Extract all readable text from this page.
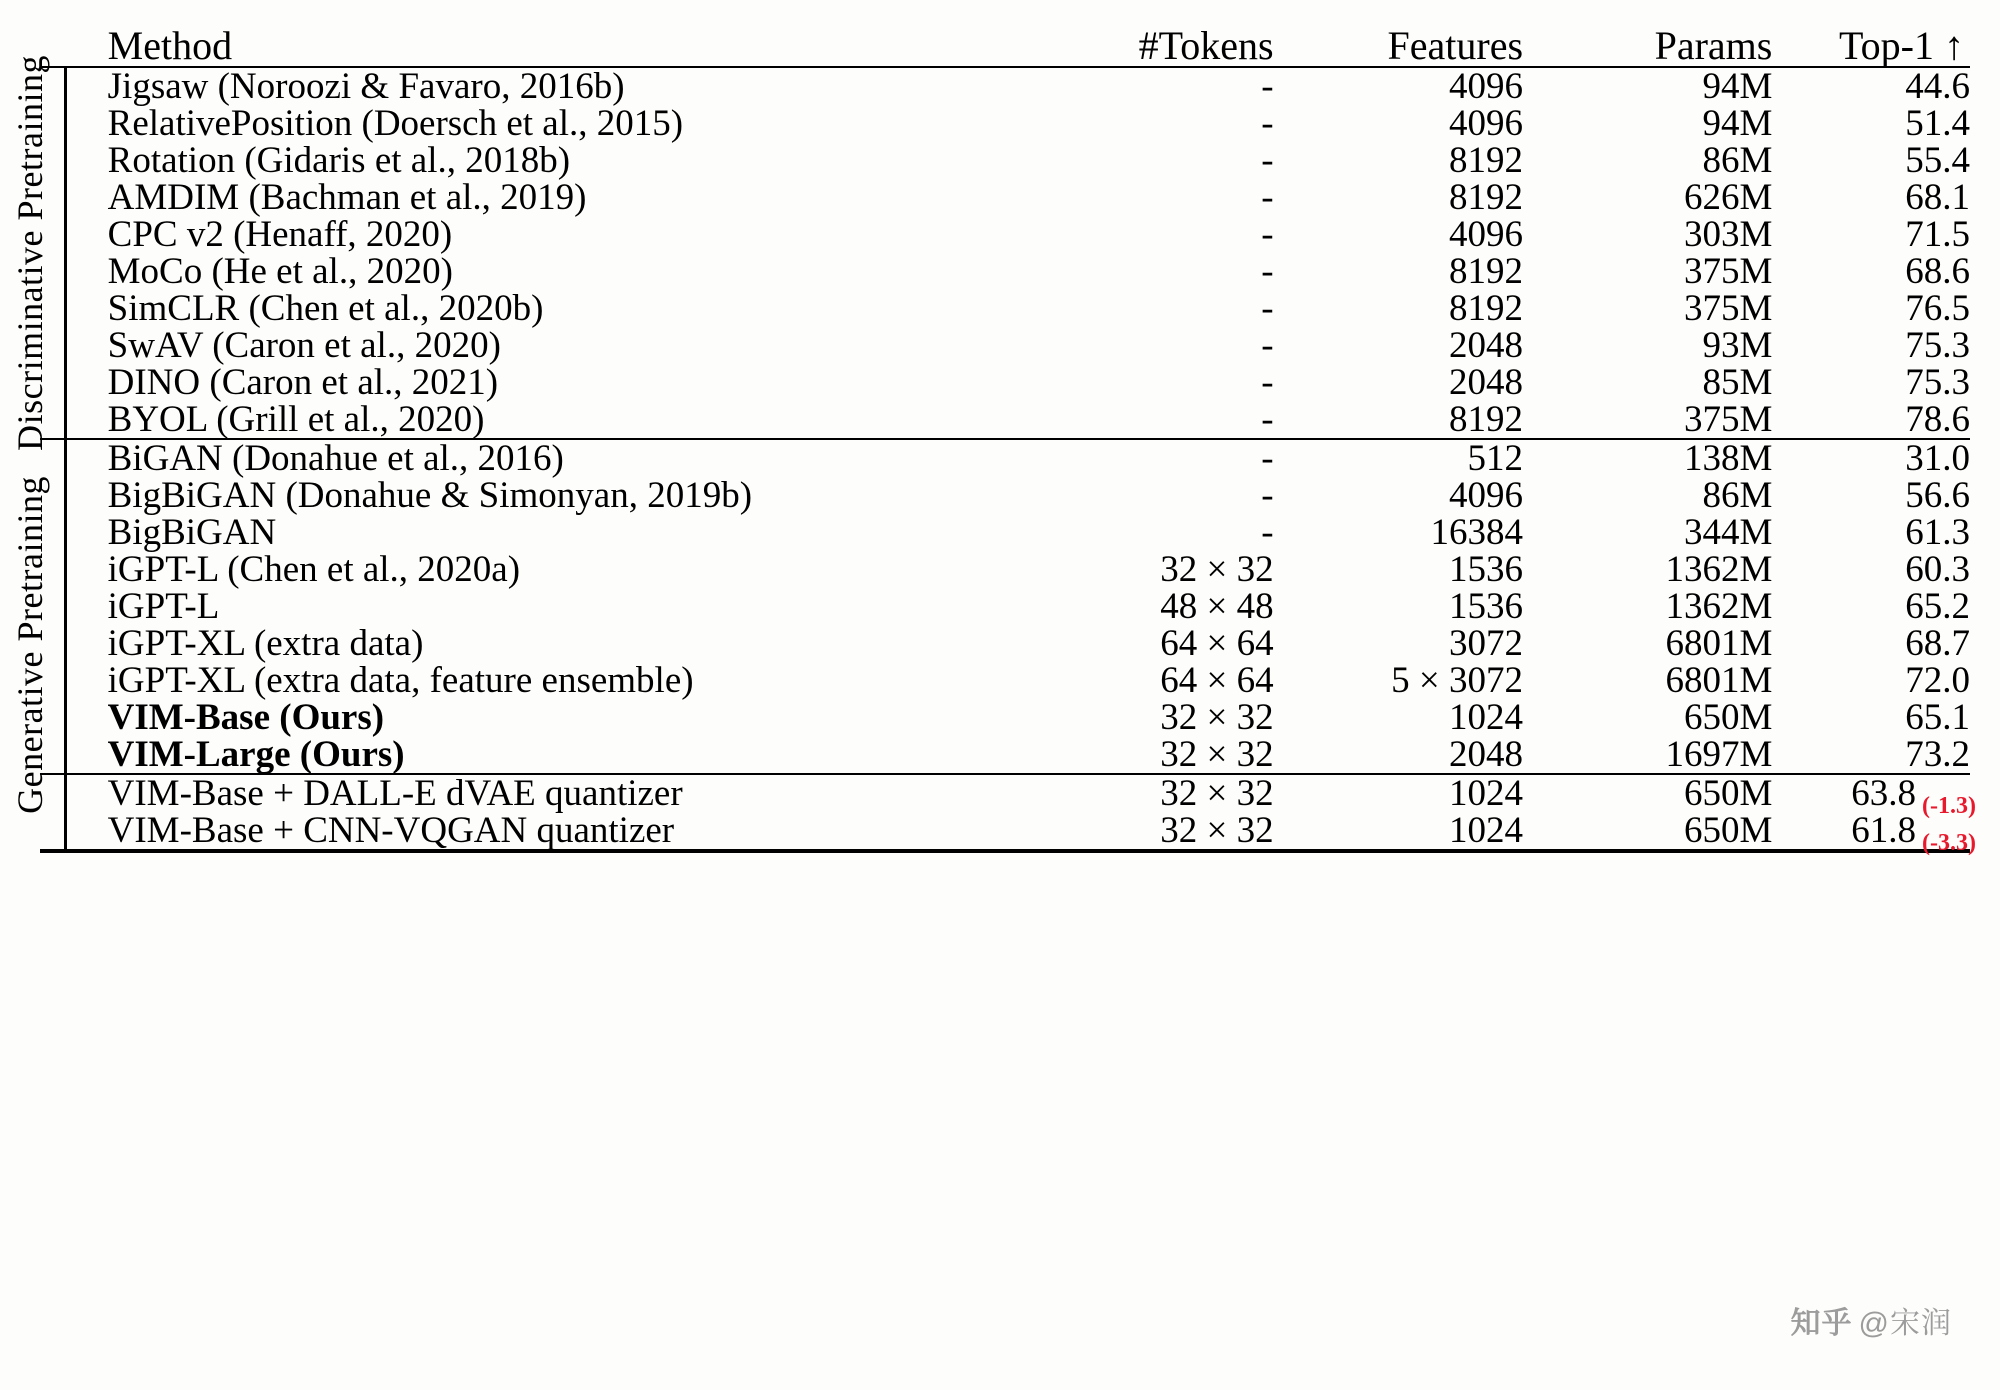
	Method	#Tokens	Features	Params	Top-1 ↑
	Jigsaw (Noroozi & Favaro, 2016b)	-	4096	94M	44.6
	RelativePosition (Doersch et al., 2015)	-	4096	94M	51.4
	Rotation (Gidaris et al., 2018b)	-	8192	86M	55.4
	AMDIM (Bachman et al., 2019)	-	8192	626M	68.1
	CPC v2 (Henaff, 2020)	-	4096	303M	71.5
	MoCo (He et al., 2020)	-	8192	375M	68.6
	SimCLR (Chen et al., 2020b)	-	8192	375M	76.5
	SwAV (Caron et al., 2020)	-	2048	93M	75.3
	DINO (Caron et al., 2021)	-	2048	85M	75.3
	BYOL (Grill et al., 2020)	-	8192	375M	78.6
	BiGAN (Donahue et al., 2016)	-	512	138M	31.0
	BigBiGAN (Donahue & Simonyan, 2019b)	-	4096	86M	56.6
	BigBiGAN	-	16384	344M	61.3
	iGPT-L (Chen et al., 2020a)	32 × 32	1536	1362M	60.3
	iGPT-L	48 × 48	1536	1362M	65.2
	iGPT-XL (extra data)	64 × 64	3072	6801M	68.7
	iGPT-XL (extra data, feature ensemble)	64 × 64	5 × 3072	6801M	72.0
	VIM-Base (Ours)	32 × 32	1024	650M	65.1
	VIM-Large (Ours)	32 × 32	2048	1697M	73.2
	VIM-Base + DALL-E dVAE quantizer	32 × 32	1024	650M	63.8 $_{(-1.3)}$
	VIM-Base + CNN-VQGAN quantizer	32 × 32	1024	650M	61.8 $_{(-3.3)}$

Discriminative Pretraining
Generative Pretraining
知乎 @宋润
